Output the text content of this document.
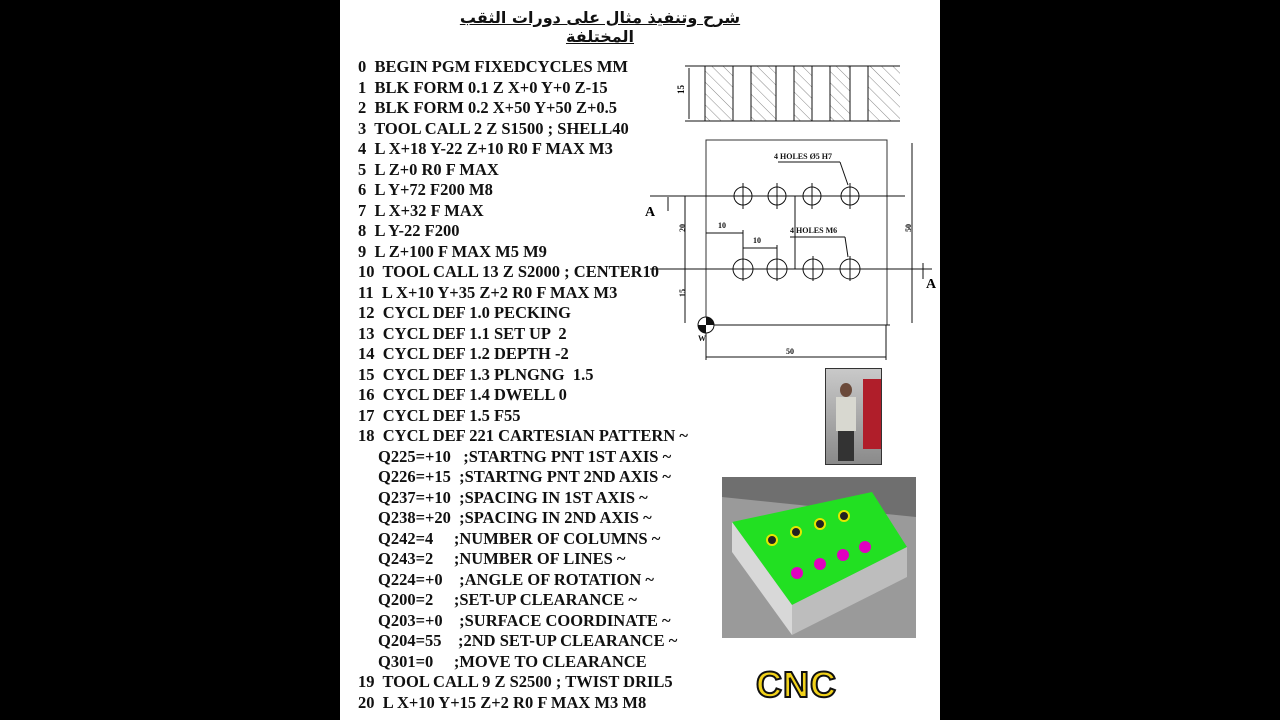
شرح وتنفيذ مثال على دورات الثقب المختلفة
0  BEGIN PGM FIXEDCYCLES MM
1  BLK FORM 0.1 Z X+0 Y+0 Z-15
2  BLK FORM 0.2 X+50 Y+50 Z+0.5
3  TOOL CALL 2 Z S1500 ; SHELL40
4  L X+18 Y-22 Z+10 R0 F MAX M3
5  L Z+0 R0 F MAX
6  L Y+72 F200 M8
7  L X+32 F MAX
8  L Y-22 F200
9  L Z+100 F MAX M5 M9
10  TOOL CALL 13 Z S2000 ; CENTER10
11  L X+10 Y+35 Z+2 R0 F MAX M3
12  CYCL DEF 1.0 PECKING
13  CYCL DEF 1.1 SET UP  2
14  CYCL DEF 1.2 DEPTH -2
15  CYCL DEF 1.3 PLNGNG  1.5
16  CYCL DEF 1.4 DWELL 0
17  CYCL DEF 1.5 F55
18  CYCL DEF 221 CARTESIAN PATTERN ~
Q225=+10   ;STARTNG PNT 1ST AXIS ~
Q226=+15  ;STARTNG PNT 2ND AXIS ~
Q237=+10  ;SPACING IN 1ST AXIS ~
Q238=+20  ;SPACING IN 2ND AXIS ~
Q242=4     ;NUMBER OF COLUMNS ~
Q243=2     ;NUMBER OF LINES ~
Q224=+0    ;ANGLE OF ROTATION ~
Q200=2     ;SET-UP CLEARANCE ~
Q203=+0    ;SURFACE COORDINATE ~
Q204=55    ;2ND SET-UP CLEARANCE ~
Q301=0     ;MOVE TO CLEARANCE
19  TOOL CALL 9 Z S2500 ; TWIST DRIL5
20  L X+10 Y+15 Z+2 R0 F MAX M3 M8
15
4 HOLES Ø5 H7
4 HOLES M6
10
10
50
20
15
50
W
A
A
CNC
